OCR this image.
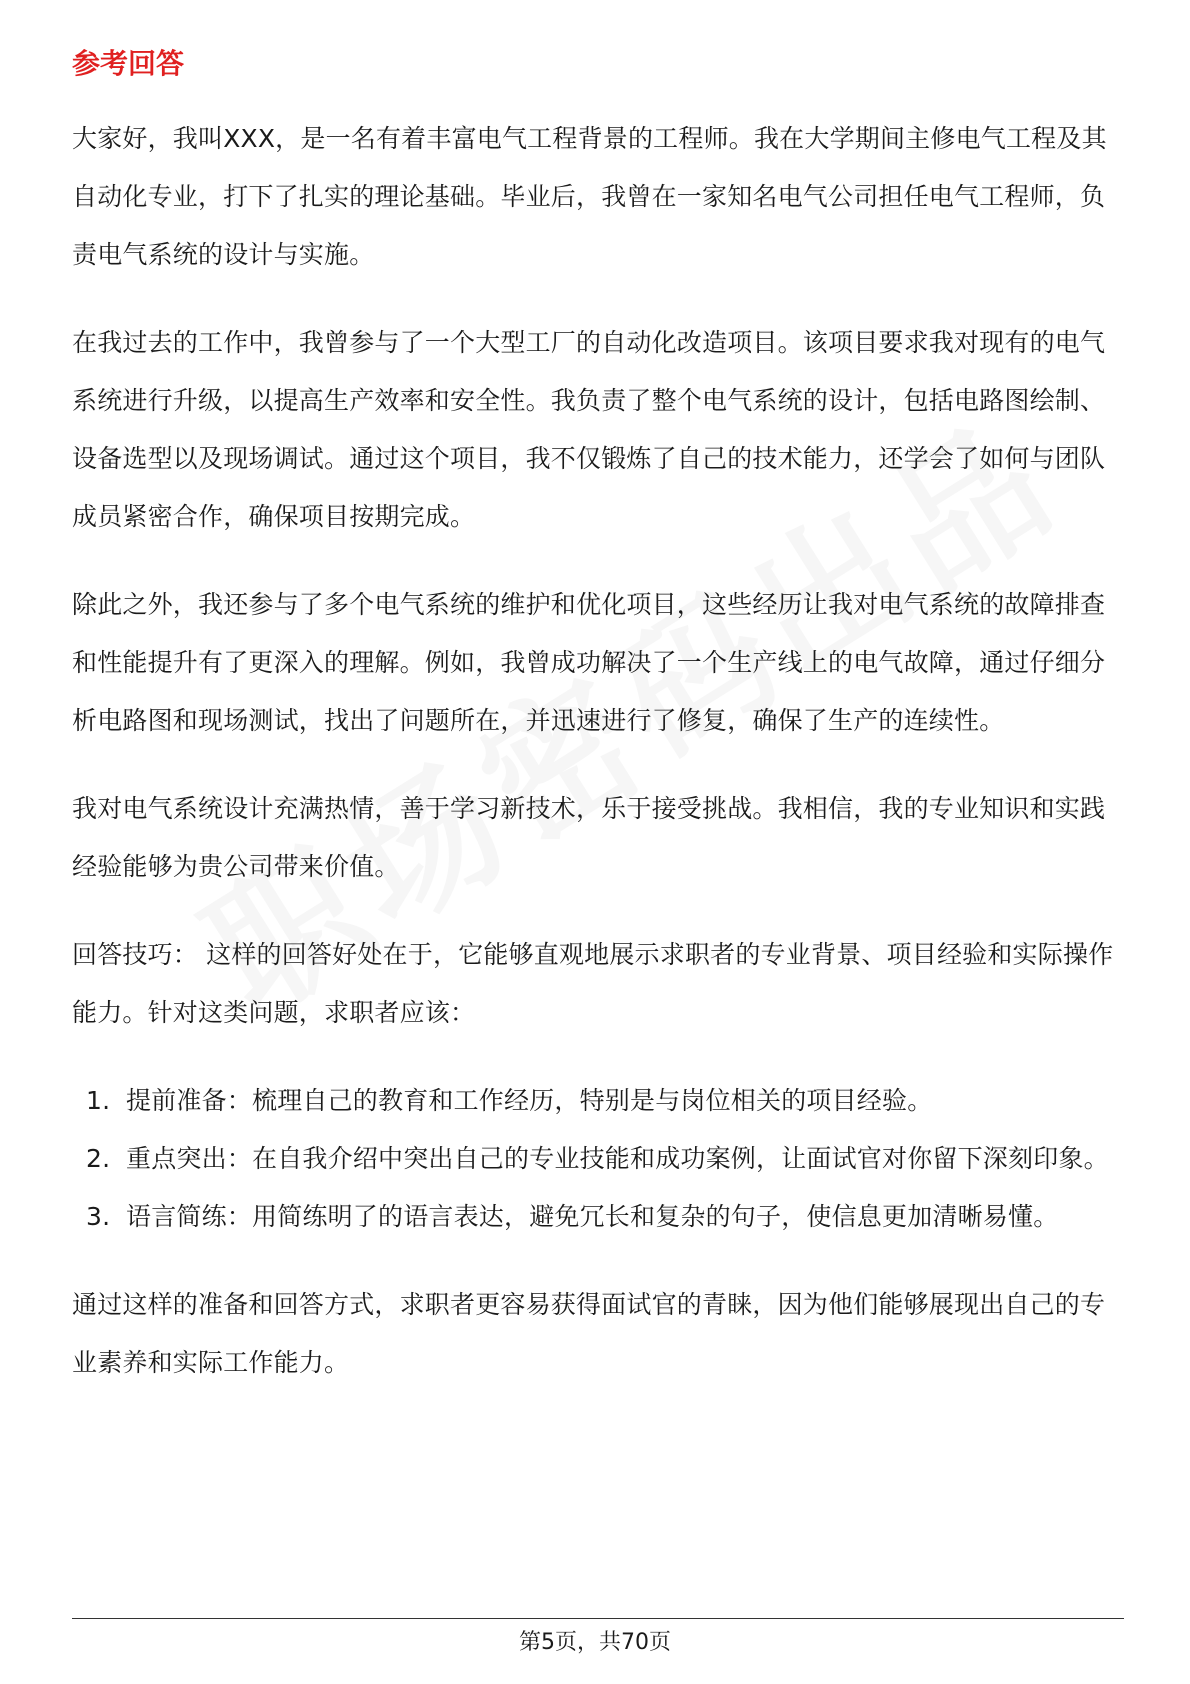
参考回答

大家好，我叫XXX，是一名有着丰富电气工程背景的工程师。我在大学期间主修电气工程及其自动化专业，打下了扎实的理论基础。毕业后，我曾在一家知名电气公司担任电气工程师，负责电气系统的设计与实施。

在我过去的工作中，我曾参与了一个大型工厂的自动化改造项目。该项目要求我对现有的电气系统进行升级，以提高生产效率和安全性。我负责了整个电气系统的设计，包括电路图绘制、设备选型以及现场调试。通过这个项目，我不仅锻炼了自己的技术能力，还学会了如何与团队成员紧密合作，确保项目按期完成。

除此之外，我还参与了多个电气系统的维护和优化项目，这些经历让我对电气系统的故障排查和性能提升有了更深入的理解。例如，我曾成功解决了一个生产线上的电气故障，通过仔细分析电路图和现场测试，找出了问题所在，并迅速进行了修复，确保了生产的连续性。

我对电气系统设计充满热情，善于学习新技术，乐于接受挑战。我相信，我的专业知识和实践经验能够为贵公司带来价值。

回答技巧： 这样的回答好处在于，它能够直观地展示求职者的专业背景、项目经验和实际操作能力。针对这类问题，求职者应该：

1. 提前准备：梳理自己的教育和工作经历，特别是与岗位相关的项目经验。
2. 重点突出：在自我介绍中突出自己的专业技能和成功案例，让面试官对你留下深刻印象。
3. 语言简练：用简练明了的语言表达，避免冗长和复杂的句子，使信息更加清晰易懂。

通过这样的准备和回答方式，求职者更容易获得面试官的青睐，因为他们能够展现出自己的专业素养和实际工作能力。

第5页，共70页
